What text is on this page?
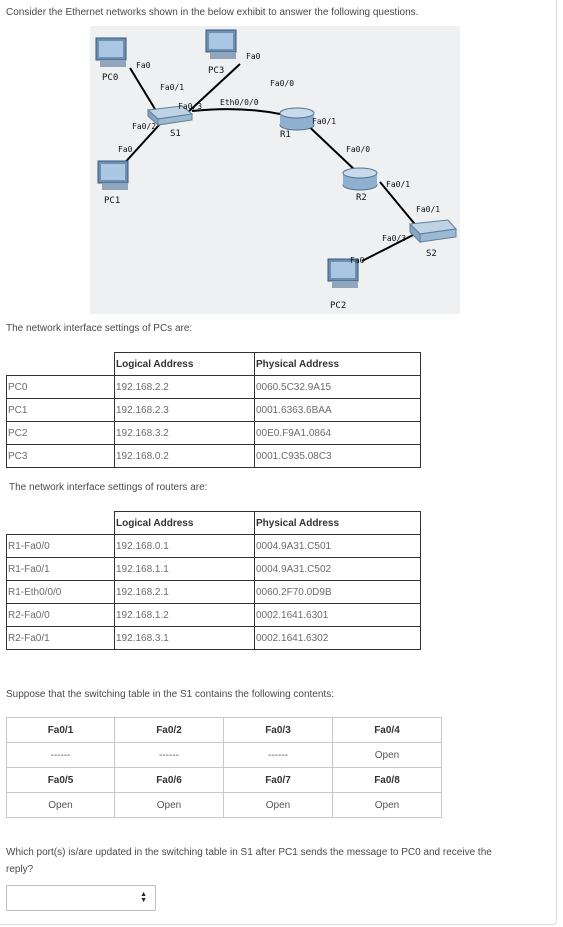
Consider the Ethernet networks shown in the below exhibit to answer the following questions.
PC0
PC3
PC1
PC2
S1
S2
R1
R2
Fa0
Fa0/1
Fa0/3
Fa0/2
Fa0
Fa0
Eth0/0/0
Fa0/0
Fa0/1
Fa0/0
Fa0/1
Fa0/1
Fa0/3
Fa0
The network interface settings of PCs are:
	Logical Address	Physical Address
PC0	192.168.2.2	0060.5C32.9A15
PC1	192.168.2.3	0001.6363.6BAA
PC2	192.168.3.2	00E0.F9A1.0864
PC3	192.168.0.2	0001.C935.08C3
The network interface settings of routers are:
	Logical Address	Physical Address
R1-Fa0/0	192.168.0.1	0004.9A31.C501
R1-Fa0/1	192.168.1.1	0004.9A31.C502
R1-Eth0/0/0	192.168.2.1	0060.2F70.0D9B
R2-Fa0/0	192.168.1.2	0002.1641.6301
R2-Fa0/1	192.168.3.1	0002.1641.6302
Suppose that the switching table in the S1 contains the following contents:
Fa0/1	Fa0/2	Fa0/3	Fa0/4
------	------	------	Open
Fa0/5	Fa0/6	Fa0/7	Fa0/8
Open	Open	Open	Open
Which port(s) is/are updated in the switching table in S1 after PC1 sends the message to PC0 and receive the
reply?
▲
▼
